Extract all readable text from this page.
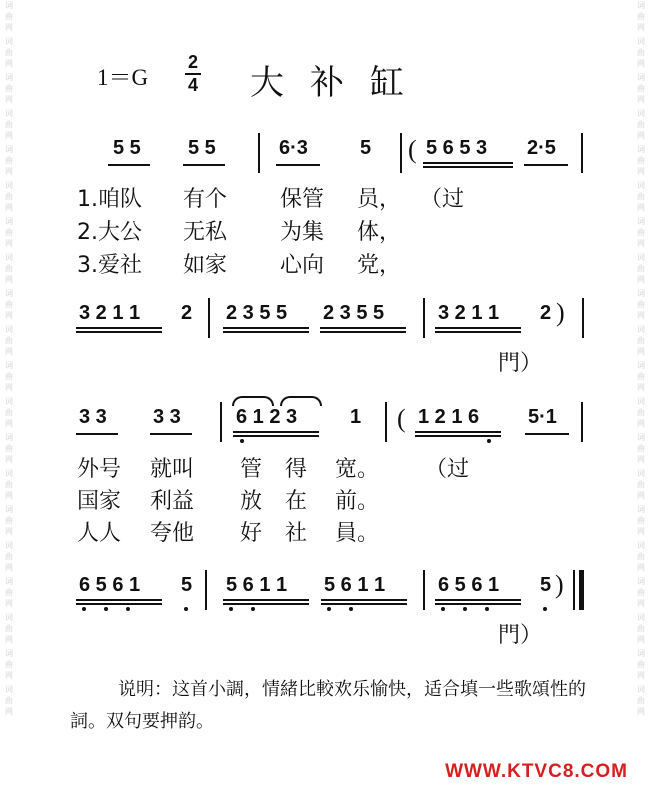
词曲网
词曲网
词曲网
词曲网
词曲网
词曲网
词曲网
词曲网
词曲网
词曲网
词曲网
词曲网
词曲网
词曲网
词曲网
词曲网
词曲网
词曲网
词曲网
词曲网
词曲网
词曲网
词曲网
词曲网
词曲网
词曲网
词曲网
词曲网
词曲网
词曲网
词曲网
词曲网
词曲网
词曲网
词曲网
词曲网
词曲网
词曲网
词曲网
词曲网
1＝G
2
4 大补缸
5 5 5 5	6·3	5 ( 5 6 5 3 2·5
1.咱队 有个 保管 员， （过
2.大公 无私 为集 体，
3.爱社 如家 心向 党，
3 2 1 1 2 2 3 5 5 2 3 5 5	3 2 1 1 2 )
門）
3 3 3 3	6 1 2 3	1 ( 1 2 1 6 5·1
外号 就叫 管 得 宽。 （过
国家 利益 放 在 前。
人人 夸他 好 社 員。
6 5 6 1 5 5 6 1 1 5 6 1 1	6 5 6 1 5 )
門）
说明：这首小調，情緒比較欢乐愉快，适合填一些歌頌性的詞。双句要押韵。
WWW.KTVC8.COM
